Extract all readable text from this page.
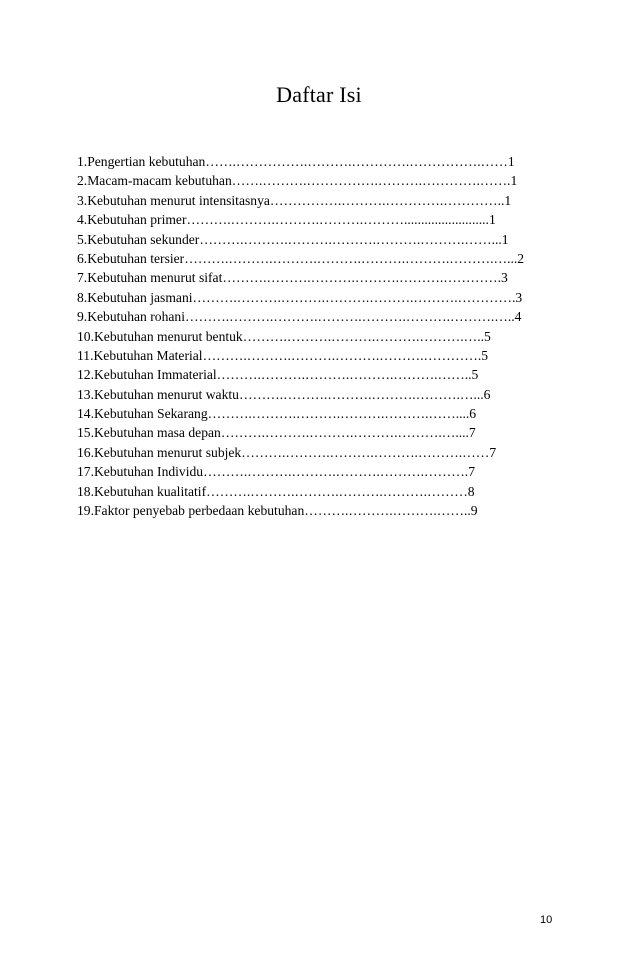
Daftar Isi
1.Pengertian kebutuhan…….…………….……….………….…………….……1
2.Macam-macam kebutuhan…….……….…………….……….………….…….1
3.Kebutuhan menurut intensitasnya…………….……….………….…………..1
4.Kebutuhan primer……….……….……….……….……….........................1
5.Kebutuhan sekunder……….……….……….……….……….……….……...1
6.Kebutuhan tersier……….……….……….……….……….……….……….…...2
7.Kebutuhan menurut sifat……….……….……….……….……….………….3
8.Kebutuhan jasmani……….……….……….……….……….……….………….3
9.Kebutuhan rohani……….……….……….……….……….……….……….…..4
10.Kebutuhan menurut bentuk……….……….……….……….……….…..5
11.Kebutuhan Material……….……….……….……….……….………….5
12.Kebutuhan Immaterial……….……….……….……….……….……..5
13.Kebutuhan menurut waktu……….……….……….……….……….…...6
14.Kebutuhan Sekarang……….……….……….……….……….……....6
15.Kebutuhan masa depan……….……….……….……….……….…....7
16.Kebutuhan menurut subjek……….……….……….……….……….……7
17.Kebutuhan Individu……….……….……….……….……….……….7
18.Kebutuhan kualitatif……….……….……….……….……….………8
19.Faktor penyebab perbedaan kebutuhan……….……….……….……..9
10
